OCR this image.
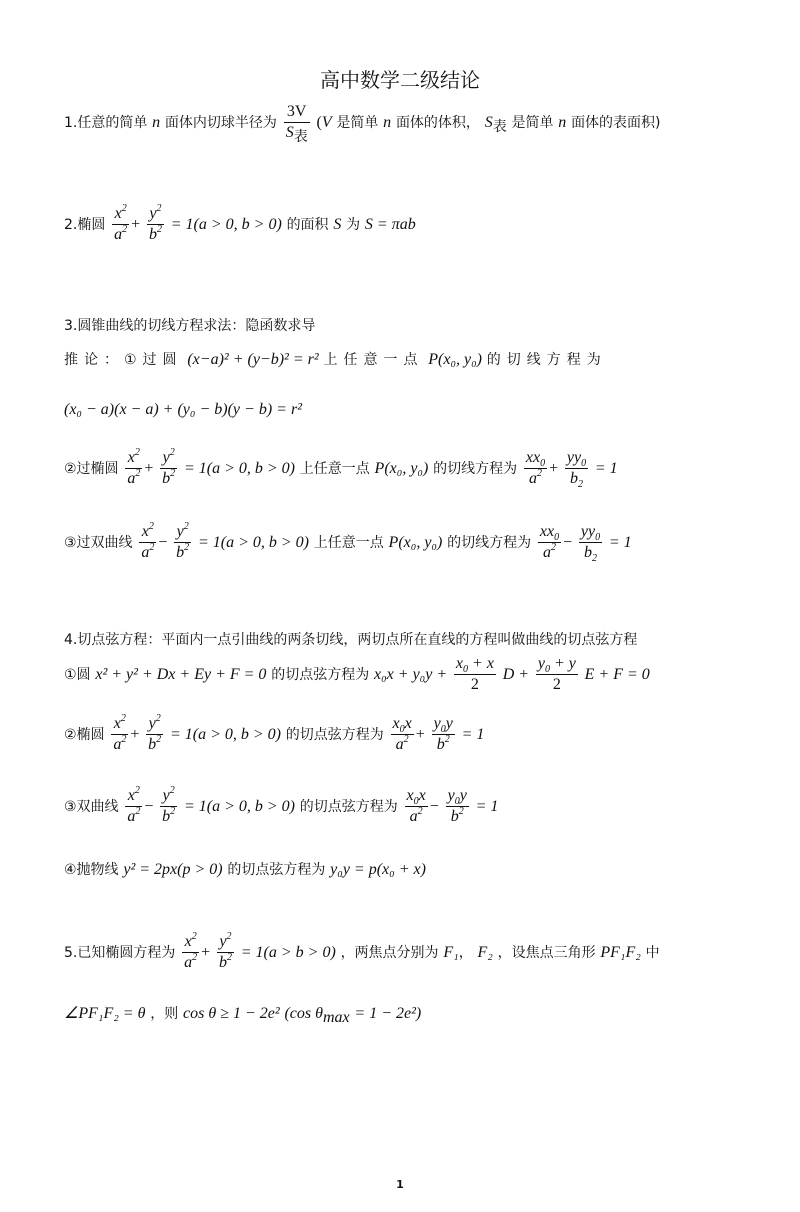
高中数学二级结论
1.任意的简单 n 面体内切球半径为 $\frac{3V}{S_表} (V$ 是简单 n 面体的体积， $S_表$ 是简单 n 面体的表面积)
2.椭圆 $\frac{x^2}{a^2} + \frac{y^2}{b^2} = 1(a > 0$, b > 0) 的面积 S 为 S = πab
3.圆锥曲线的切线方程求法：隐函数求导
推论：①过圆 (x−a)² + (y−b)² = r² 上任意一点 P(x₀, y₀) 的切线方程为
(x₀ − a)(x − a) + (y₀ − b)(y − b) = r²
②过椭圆 $\frac{x^2}{a^2} + \frac{y^2}{b^2} = 1(a > 0$, b > 0) 上任意一点 P(x₀, y₀) 的切线方程为 $\frac{xx_0}{a^2} + \frac{yy_0}{b_2} = 1$
③过双曲线 $\frac{x^2}{a^2} - \frac{y^2}{b^2} = 1(a > 0$, b > 0) 上任意一点 P(x₀, y₀) 的切线方程为 $\frac{xx_0}{a^2} - \frac{yy_0}{b_2} = 1$
4.切点弦方程：平面内一点引曲线的两条切线，两切点所在直线的方程叫做曲线的切点弦方程
①圆 x² + y² + Dx + Ey + F = 0 的切点弦方程为 $x_0x + y_0y + \frac{x_0 + x}{2}$ $D + \frac{y_0 + y}{2}$ E + F = 0
②椭圆 $\frac{x^2}{a^2} + \frac{y^2}{b^2} = 1(a > 0$, b > 0) 的切点弦方程为 $\frac{x_0x}{a^2} + \frac{y_0y}{b^2} = 1$
③双曲线 $\frac{x^2}{a^2} - \frac{y^2}{b^2} = 1(a > 0$, b > 0) 的切点弦方程为 $\frac{x_0x}{a^2} - \frac{y_0y}{b^2} = 1$
④抛物线 y² = 2px(p > 0) 的切点弦方程为 y₀y = p(x₀ + x)
5.已知椭圆方程为 $\frac{x^2}{a^2} + \frac{y^2}{b^2} = 1(a > b > 0)$ ，两焦点分别为 F₁， F₂ ，设焦点三角形 PF₁F₂ 中
∠PF₁F₂ = θ ，则 cos θ ≥ 1 − 2e² (cos $\theta_{max} = 1 - 2e^2$)
1
